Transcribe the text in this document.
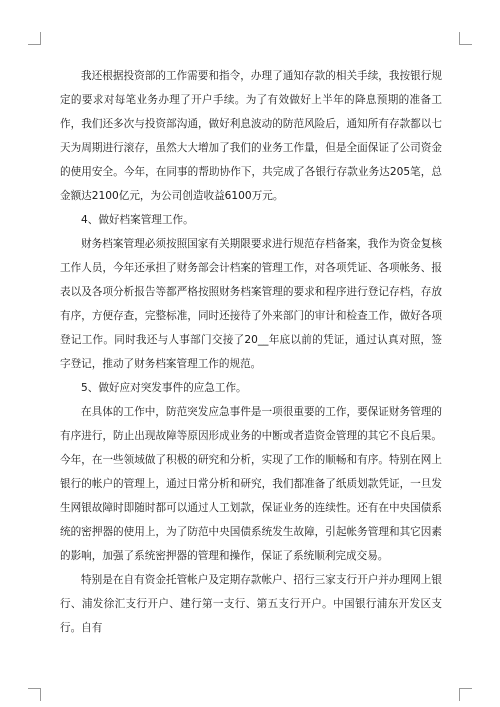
我还根据投资部的工作需要和指令，办理了通知存款的相关手续，我按银行规定的要求对每笔业务办理了开户手续。为了有效做好上半年的降息预期的准备工作，我们还多次与投资部沟通，做好利息波动的防范风险后，通知所有存款都以七天为周期进行滚存，虽然大大增加了我们的业务工作量，但是全面保证了公司资金的使用安全。今年，在同事的帮助协作下，共完成了各银行存款业务达205笔，总金额达2100亿元，为公司创造收益6100万元。

4、做好档案管理工作。

财务档案管理必须按照国家有关期限要求进行规范存档备案，我作为资金复核工作人员，今年还承担了财务部会计档案的管理工作，对各项凭证、各项帐务、报表以及各项分析报告等都严格按照财务档案管理的要求和程序进行登记存档，存放有序，方便存查，完整标准，同时还接待了外来部门的审计和检查工作，做好各项登记工作。同时我还与人事部门交接了20__年底以前的凭证，通过认真对照，签字登记，推动了财务档案管理工作的规范。

5、做好应对突发事件的应急工作。

在具体的工作中，防范突发应急事件是一项很重要的工作，要保证财务管理的有序进行，防止出现故障等原因形成业务的中断或者造资金管理的其它不良后果。今年，在一些领域做了积极的研究和分析，实现了工作的顺畅和有序。特别在网上银行的帐户的管理上，通过日常分析和研究，我们都准备了纸质划款凭证，一旦发生网银故障时即随时都可以通过人工划款，保证业务的连续性。还有在中央国债系统的密押器的使用上，为了防范中央国债系统发生故障，引起帐务管理和其它因素的影响，加强了系统密押器的管理和操作，保证了系统顺利完成交易。

特别是在自有资金托管帐户及定期存款帐户、招行三家支行开户并办理网上银行、浦发徐汇支行开户、建行第一支行、第五支行开户。中国银行浦东开发区支行。自有
